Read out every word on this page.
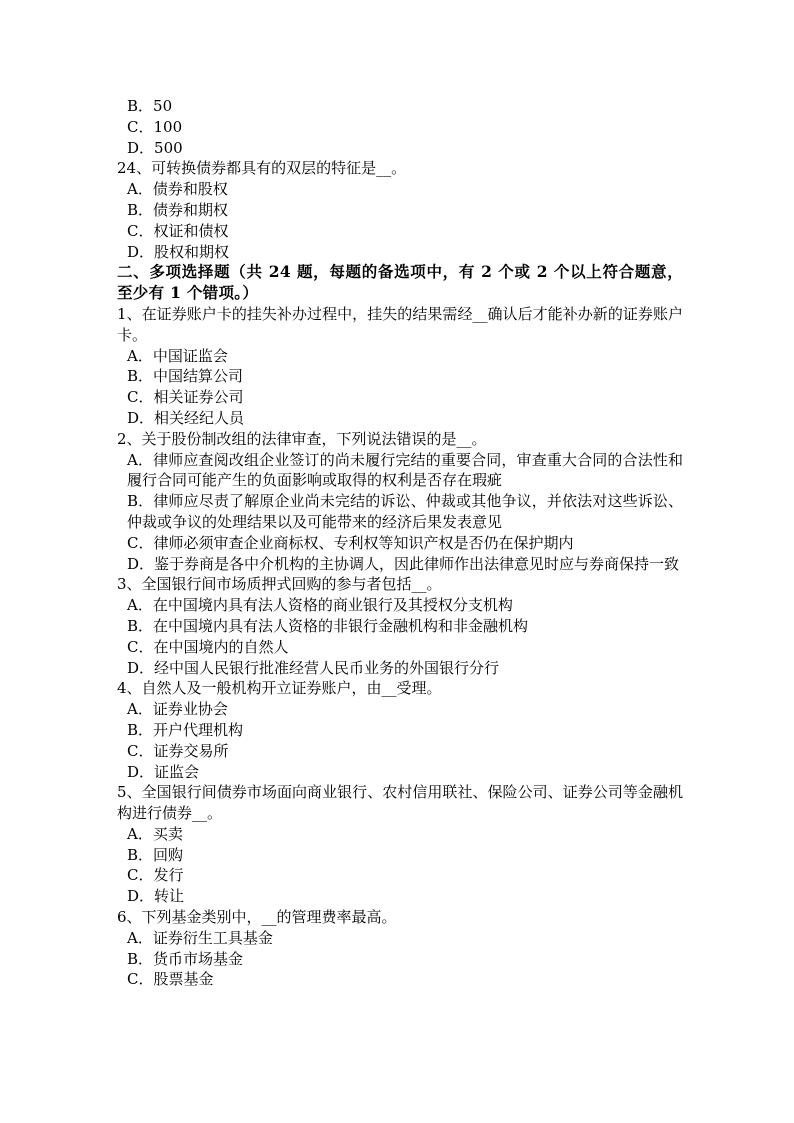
B．50
C．100
D．500
24、可转换债券都具有的双层的特征是__。
A．债券和股权
B．债券和期权
C．权证和债权
D．股权和期权
二、多项选择题（共 24 题，每题的备选项中，有 2 个或 2 个以上符合题意，至少有 1 个错项。）
1、在证券账户卡的挂失补办过程中，挂失的结果需经__确认后才能补办新的证券账户卡。
A．中国证监会
B．中国结算公司
C．相关证券公司
D．相关经纪人员
2、关于股份制改组的法律审查，下列说法错误的是__。
A．律师应查阅改组企业签订的尚未履行完结的重要合同，审查重大合同的合法性和履行合同可能产生的负面影响或取得的权利是否存在瑕疵
B．律师应尽责了解原企业尚未完结的诉讼、仲裁或其他争议，并依法对这些诉讼、仲裁或争议的处理结果以及可能带来的经济后果发表意见
C．律师必须审查企业商标权、专利权等知识产权是否仍在保护期内
D．鉴于券商是各中介机构的主协调人，因此律师作出法律意见时应与券商保持一致
3、全国银行间市场质押式回购的参与者包括__。
A．在中国境内具有法人资格的商业银行及其授权分支机构
B．在中国境内具有法人资格的非银行金融机构和非金融机构
C．在中国境内的自然人
D．经中国人民银行批准经营人民币业务的外国银行分行
4、自然人及一般机构开立证券账户，由__受理。
A．证券业协会
B．开户代理机构
C．证券交易所
D．证监会
5、全国银行间债券市场面向商业银行、农村信用联社、保险公司、证券公司等金融机构进行债券__。
A．买卖
B．回购
C．发行
D．转让
6、下列基金类别中，__的管理费率最高。
A．证券衍生工具基金
B．货币市场基金
C．股票基金
